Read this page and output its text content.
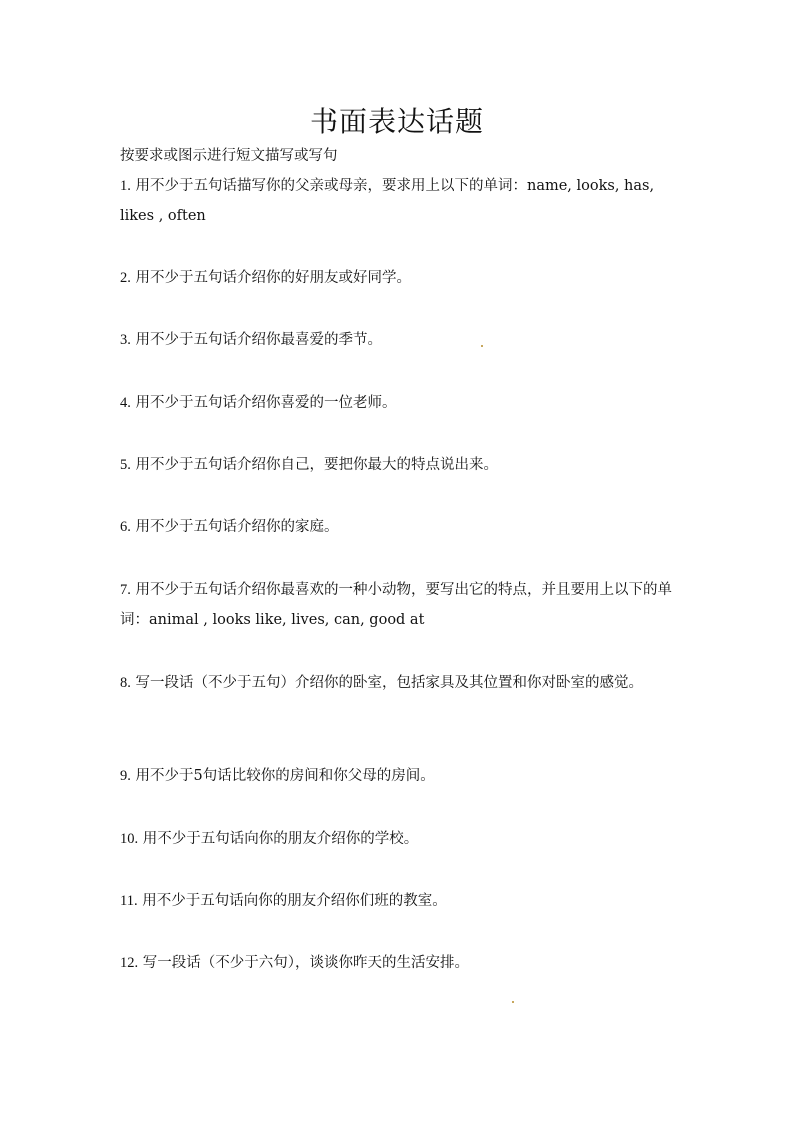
书面表达话题

按要求或图示进行短文描写或写句

1. 用不少于五句话描写你的父亲或母亲，要求用上以下的单词：name, looks, has, likes , often

2. 用不少于五句话介绍你的好朋友或好同学。

3. 用不少于五句话介绍你最喜爱的季节。

4. 用不少于五句话介绍你喜爱的一位老师。

5. 用不少于五句话介绍你自己，要把你最大的特点说出来。

6. 用不少于五句话介绍你的家庭。

7. 用不少于五句话介绍你最喜欢的一种小动物，要写出它的特点，并且要用上以下的单词：animal , looks like, lives, can, good at

8. 写一段话（不少于五句）介绍你的卧室，包括家具及其位置和你对卧室的感觉。

9. 用不少于5句话比较你的房间和你父母的房间。

10. 用不少于五句话向你的朋友介绍你的学校。

11. 用不少于五句话向你的朋友介绍你们班的教室。

12. 写一段话（不少于六句），谈谈你昨天的生活安排。
